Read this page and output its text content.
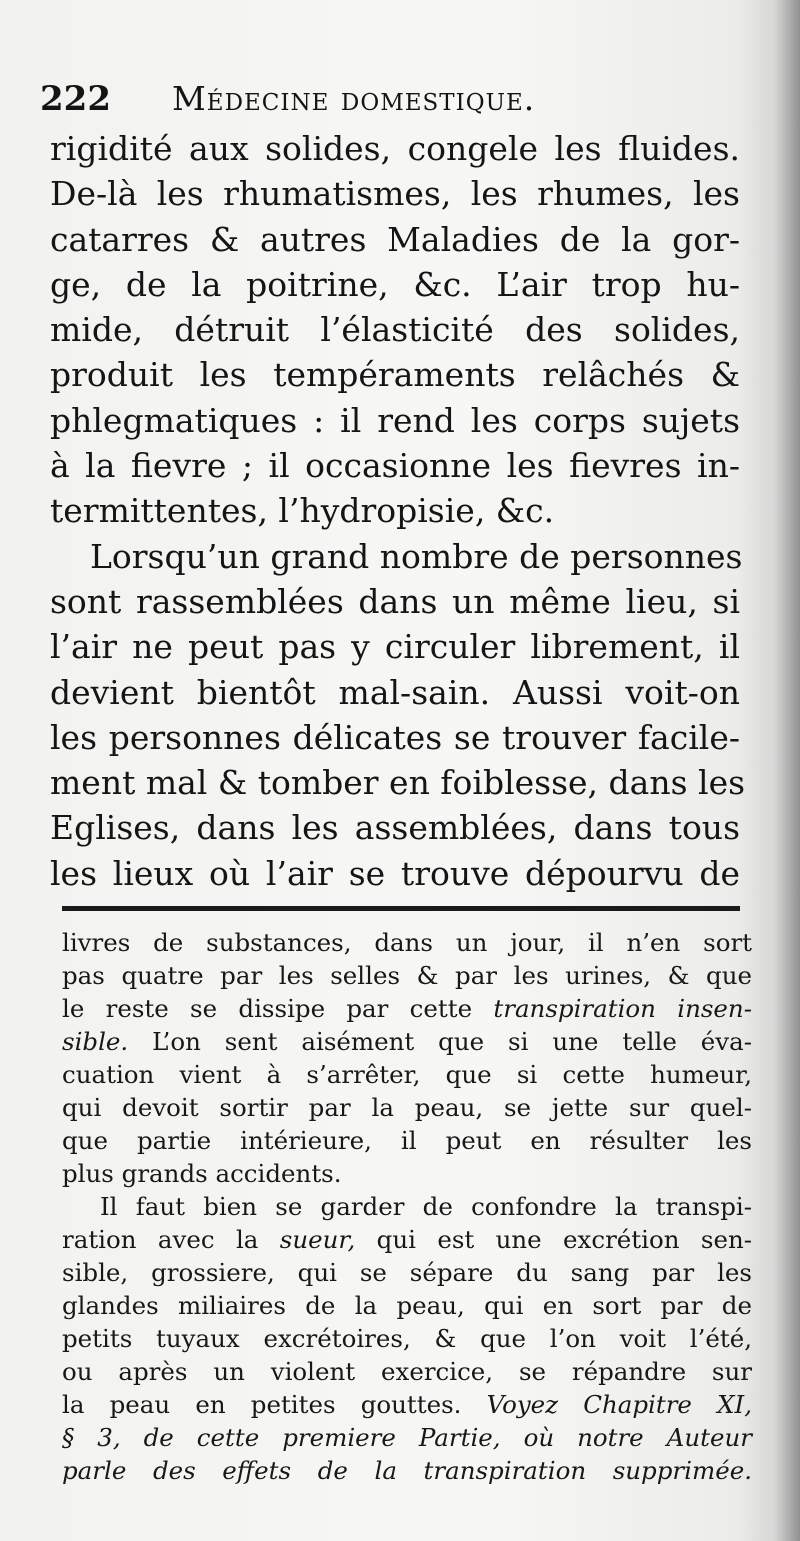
222 Médecine domestique.
rigidité aux solides, congele les fluides.
De-là les rhumatismes, les rhumes, les
catarres & autres Maladies de la gor-
ge, de la poitrine, &c. L’air trop hu-
mide, détruit l’élasticité des solides,
produit les tempéraments relâchés &
phlegmatiques : il rend les corps sujets
à la fievre ; il occasionne les fievres in-
termittentes, l’hydropisie, &c.
Lorsqu’un grand nombre de personnes
sont rassemblées dans un même lieu, si
l’air ne peut pas y circuler librement, il
devient bientôt mal-sain. Aussi voit-on
les personnes délicates se trouver facile-
ment mal & tomber en foiblesse, dans les
Eglises, dans les assemblées, dans tous
les lieux où l’air se trouve dépourvu de
livres de substances, dans un jour, il n’en sort
pas quatre par les selles & par les urines, & que
le reste se dissipe par cette transpiration insen-
sible. L’on sent aisément que si une telle éva-
cuation vient à s’arrêter, que si cette humeur,
qui devoit sortir par la peau, se jette sur quel-
que partie intérieure, il peut en résulter les
plus grands accidents.
Il faut bien se garder de confondre la transpi-
ration avec la sueur, qui est une excrétion sen-
sible, grossiere, qui se sépare du sang par les
glandes miliaires de la peau, qui en sort par de
petits tuyaux excrétoires, & que l’on voit l’été,
ou après un violent exercice, se répandre sur
la peau en petites gouttes. Voyez Chapitre XI,
§ 3, de cette premiere Partie, où notre Auteur
parle des effets de la transpiration supprimée.
